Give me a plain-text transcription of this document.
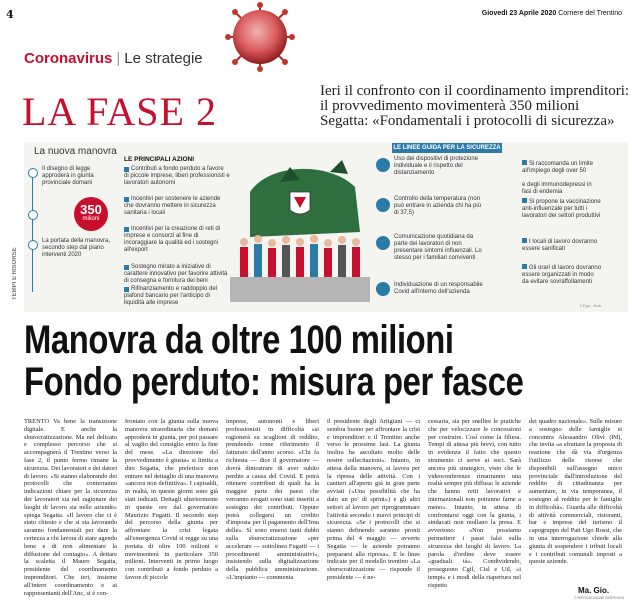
4	Giovedì 23 Aprile 2020 Corriere del Trentino
Coronavirus | Le strategie
LA FASE 2	Ieri il confronto con il coordinamento imprenditori:
il provvedimento movimenterà 350 milioni
Segatta: «Fondamentali i protocolli di sicurezza»
La nuova manovra
TEMPI E RISORSE
Il disegno di legge approderà in giunta provinciale domani
350
milioni
La portata della manovra, secondo step dal piano interventi 2020
LE PRINCIPALI AZIONI
Contributi a fondo perduto a favore di piccole imprese, liberi professionisti e lavoratori autonomi
Incentivi per sostenere le aziende che dovranno mettere in sicurezza sanitaria i locali
Incentivi per la creazione di reti di imprese e consorzi al fine di incoraggiare la qualità ed i sostegni all'export
Sostegno mirato a iniziative di carattere innovativo per favorire attività di consegna e fornitura dei beni
Rifinanziamento e raddoppio del plafond bancario per l'anticipo di liquidità alle imprese
LE LINEE GUIDA PER LA SICUREZZA
Uso dei dispositivi di protezione individuale e il rispetto del distanziamento
Controllo della temperatura (non può entrare in azienda chi ha più di 37,5)
Comunicazione quotidiana da parte dei lavoratori di non presentare sintomi influenzali. Lo stesso per i familiari conviventi
Individuazione di un responsabile Covid all'interno dell'azienda
Si raccomanda un limite all'impiego degli over 50
e degli immunodepressi in fasi di endemia
Si propone la vaccinazione anti-influenzale per tutti i lavoratori dei settori produttivi
I locali di lavoro dovranno essere sanificati
Gli orari di lavoro dovranno essere organizzati in modo da evitare sovraffollamenti
L'Ego - Hub
Manovra da oltre 100 milioni
Fondo perduto: misura per fasce

TRENTO Va bene la transizione digitale. E anche la sburocratizzazione. Ma nel delicato e complesso percorso che si accompagnerà il Trentino verso la fase 2, il punto fermo rimane la sicurezza. Dei lavoratori e dei datori di lavoro. «Si stanno elaborando dei protocolli che conterranno indicazioni chiare per la sicurezza dei lavoratori sia nel ragionare dei luoghi di lavoro sia nelle aziende» spiega Segatta. «Il lavoro che ci è stato chiesto e che si sta lavorando saranno fondamentali per dare la certezza a chi lavora di stare agendo bene e di non alimentare la diffusione del contagio». A dettare la scaletta il Mauro Segatta, presidente del coordinamento imprenditori. Che ieri, insieme all'intero coordinamento e ai rappresentanti dell'Anc, si è con-

frontato con la giunta sulla nuova manovra straordinaria che domani approderà in giunta, per poi passare al vaglio del consiglio entro la fine del mese. «La direzione del provvedimento è giusta» si limita a dire Segatta, che preferisce non entrare nel dettaglio di una manovra «ancora non definitiva». I capisaldi, in realtà, in queste giorni sono già stati indicati. Dettagli ulteriormente in queste ore dal governatore Maurizio Fugatti. Il secondo step del percorso della giunta per affrontare la crisi legata all'emergenza Covid si regge su una portata di oltre 100 milioni e movimenterà in particolare 350 milioni. Interventi in primo luogo con contributi a fondo perduto a favore di piccole

imprese, autonomi e liberi professionisti in difficoltà «si ragionerà su scaglioni di reddito, prendendo come riferimento il fatturato dell'anno scorso. «Chi fa richiesta — dice il governatore — dovrà dimostrare di aver subito perdite a causa del Covid. E potrà ottenere contributi di quali ha la maggior parte dei paesi che verranno erogati sono stati inseriti a sostegno dei contributi. Oppure potrà collegarsi un credito d'imposta per il pagamento dell'Imu delle». Sì sono emersi tanti dubbi sulla sburocratizzazione «per accelerare — sottolinea Fugatti — i procedimenti amministrativi», insistendo sulla digitalizzazione della pubblica amministrazione. «L'impianto — commenta

il presidente degli Artigiani — ci sembra buono per affrontare la crisi e imprenditori e il Trentino anche verso le prossime fasi. La giunta inoltra ha ascoltato molto delle nostre sollecitazioni». Intanto, in attesa della manovra, si lavora per la ripresa delle attività. Con i cantieri all'aperto già in gran parte avviati («Una possibilità che ha dato un po' di sprint») e gli altri settori al lavoro per riprogrammare l'attività secondo i nuovi principi di sicurezza. «Se i protocolli che si stanno definendo saranno pronti prima del 4 maggio — avverte Segatta — le aziende potranno prepararsi alla ripresa». E le linee indicate per il modello trentino «La sburocratizzazione — risponde il presidente — è ne-

cessaria, sia per snellire le pratiche che per velocizzare le concessioni per costruire. Così come la filiera. Tempi di attesa più brevi, con tutto in evidenza il fatto che questo strumento ci serve ai soci. Sarà ancora più strategico, visto che le videoconferenze rimarranno una realtà sempre più diffusa: le aziende che hanno retti lavorativi e internazionali non potranno farne a meno». Intanto, in attesa di confrontarsi oggi con la giunta, i sindacati non mollano la presa. E avvertono: «Non possiamo permettere i passi falsi sulla sicurezza dei luoghi di lavoro. La parola d'ordine deve essere «graduali tà». Condividendo, proseguono Cgil, Cisl e Uil, «i tempi» e i modi della riapertura nel rispetto

dei quadro nazionale». Sulle misure a sostegno delle famiglie si concentra Alessandro Olivi (Pd), che invita «a sfruttare la proposta di reazione che dà via d'urgenza l'utilizzo delle risorse che disponibili sull'assegno unico provinciale dall'introduzione del reddito di cittadinanza per aumentare, in via temporanea, il sostegno al reddito per le famiglie in difficoltà». Guarda alle difficoltà di attività commerciali, ristoranti, bar e imprese del turismo il capogruppo del Patt Ugo Rossi, che in una interrogazione chiede alla giunta di sospendere i tributi locali e i contributi comunali imposti a queste aziende.

Ma. Gio.
© RIPRODUZIONE RISERVATA
